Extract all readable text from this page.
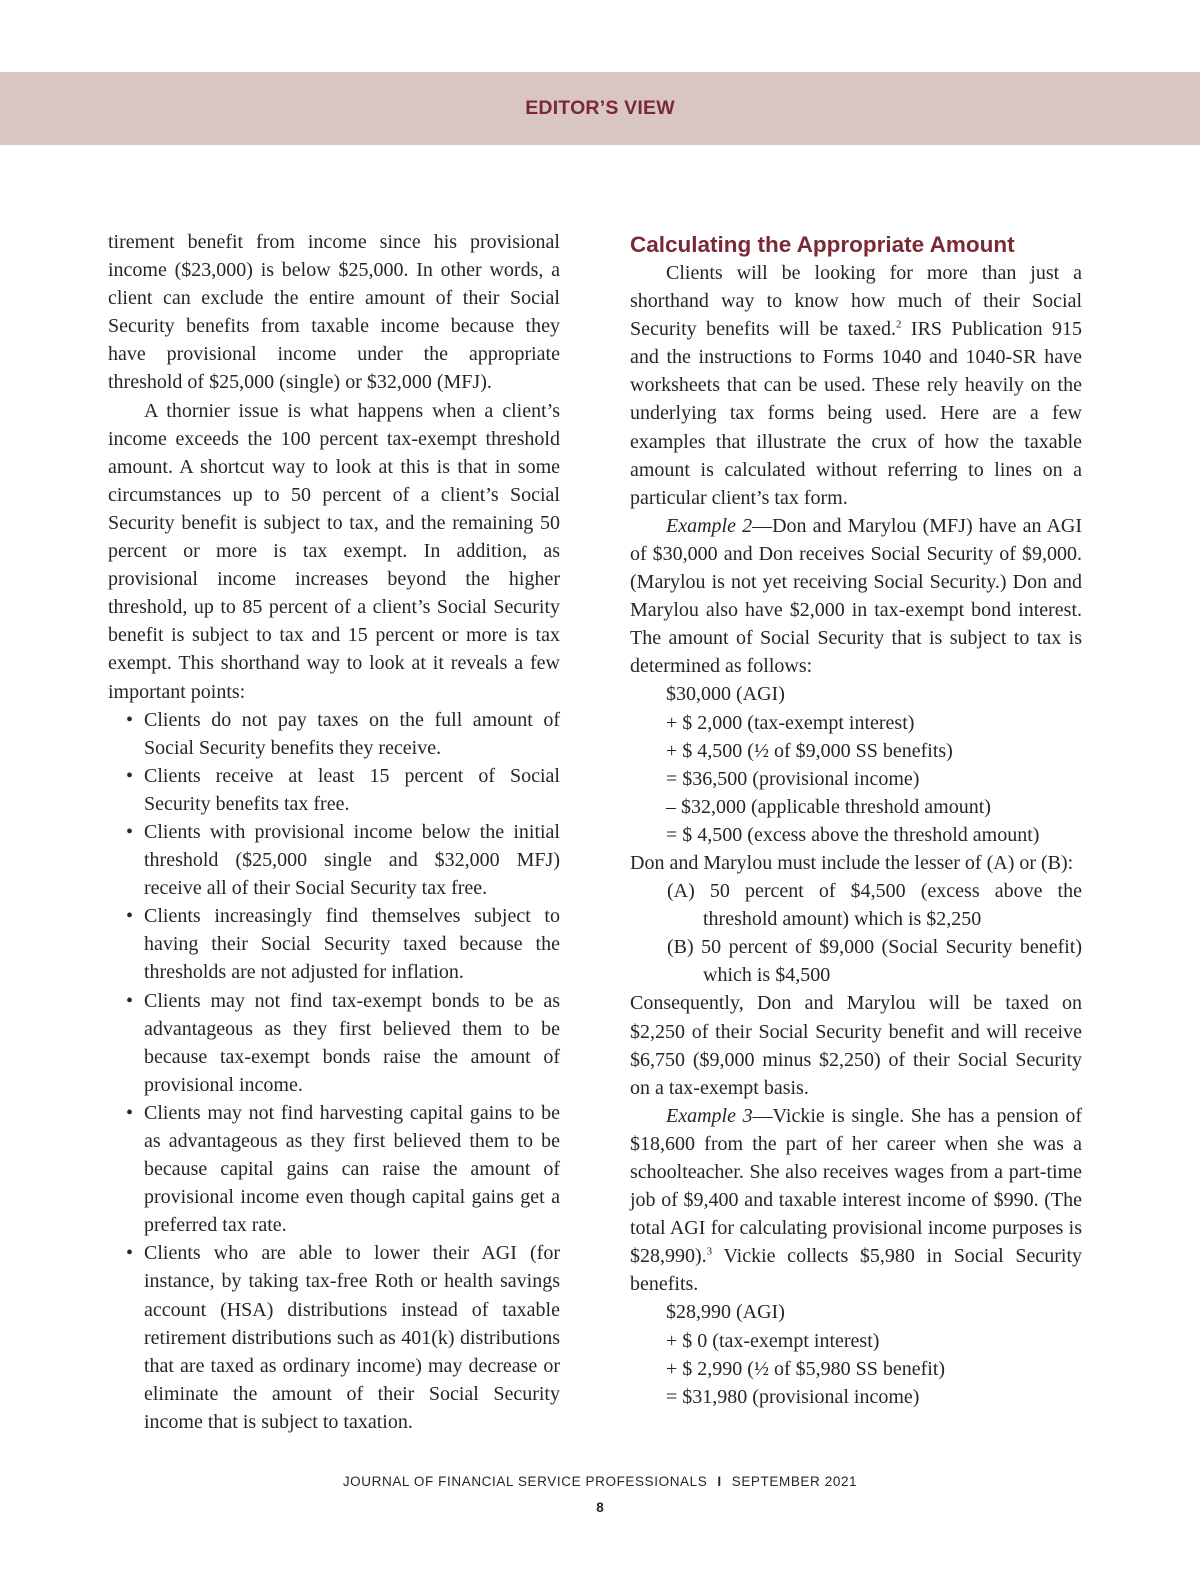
EDITOR’S VIEW

tirement benefit from income since his provisional income ($23,000) is below $25,000. In other words, a client can exclude the entire amount of their Social Security benefits from taxable income because they have provisional income under the appropriate threshold of $25,000 (single) or $32,000 (MFJ).

A thornier issue is what happens when a client’s income exceeds the 100 percent tax-exempt threshold amount. A shortcut way to look at this is that in some circumstances up to 50 percent of a client’s Social Security benefit is subject to tax, and the remaining 50 percent or more is tax exempt. In addition, as provisional income increases beyond the higher threshold, up to 85 percent of a client’s Social Security benefit is subject to tax and 15 percent or more is tax exempt. This shorthand way to look at it reveals a few important points:

• Clients do not pay taxes on the full amount of Social Security benefits they receive.
• Clients receive at least 15 percent of Social Security benefits tax free.
• Clients with provisional income below the initial threshold ($25,000 single and $32,000 MFJ) receive all of their Social Security tax free.
• Clients increasingly find themselves subject to having their Social Security taxed because the thresholds are not adjusted for inflation.
• Clients may not find tax-exempt bonds to be as advantageous as they first believed them to be because tax-exempt bonds raise the amount of provisional income.
• Clients may not find harvesting capital gains to be as advantageous as they first believed them to be because capital gains can raise the amount of provisional income even though capital gains get a preferred tax rate.
• Clients who are able to lower their AGI (for instance, by taking tax-free Roth or health savings account (HSA) distributions instead of taxable retirement distributions such as 401(k) distributions that are taxed as ordinary income) may decrease or eliminate the amount of their Social Security income that is subject to taxation.
Calculating the Appropriate Amount

Clients will be looking for more than just a shorthand way to know how much of their Social Security benefits will be taxed.$^2$ IRS Publication 915 and the instructions to Forms 1040 and 1040-SR have worksheets that can be used. These rely heavily on the underlying tax forms being used. Here are a few examples that illustrate the crux of how the taxable amount is calculated without referring to lines on a particular client’s tax form.

Example 2—Don and Marylou (MFJ) have an AGI of $30,000 and Don receives Social Security of $9,000. (Marylou is not yet receiving Social Security.) Don and Marylou also have $2,000 in tax-exempt bond interest. The amount of Social Security that is subject to tax is determined as follows:

$30,000 (AGI)
+ $ 2,000 (tax-exempt interest)
+ $ 4,500 (½ of $9,000 SS benefits)
= $36,500 (provisional income)
– $32,000 (applicable threshold amount)
= $ 4,500 (excess above the threshold amount)

Don and Marylou must include the lesser of (A) or (B):

(A) 50 percent of $4,500 (excess above the threshold amount) which is $2,250

(B) 50 percent of $9,000 (Social Security benefit) which is $4,500

Consequently, Don and Marylou will be taxed on $2,250 of their Social Security benefit and will receive $6,750 ($9,000 minus $2,250) of their Social Security on a tax-exempt basis.

Example 3—Vickie is single. She has a pension of $18,600 from the part of her career when she was a schoolteacher. She also receives wages from a part-time job of $9,400 and taxable interest income of $990. (The total AGI for calculating provisional income purposes is $28,990).$^3$ Vickie collects $5,980 in Social Security benefits.

$28,990 (AGI)
+ $ 0 (tax-exempt interest)
+ $ 2,990 (½ of $5,980 SS benefit)
= $31,980 (provisional income)
JOURNAL OF FINANCIAL SERVICE PROFESSIONALS I SEPTEMBER 2021
8
